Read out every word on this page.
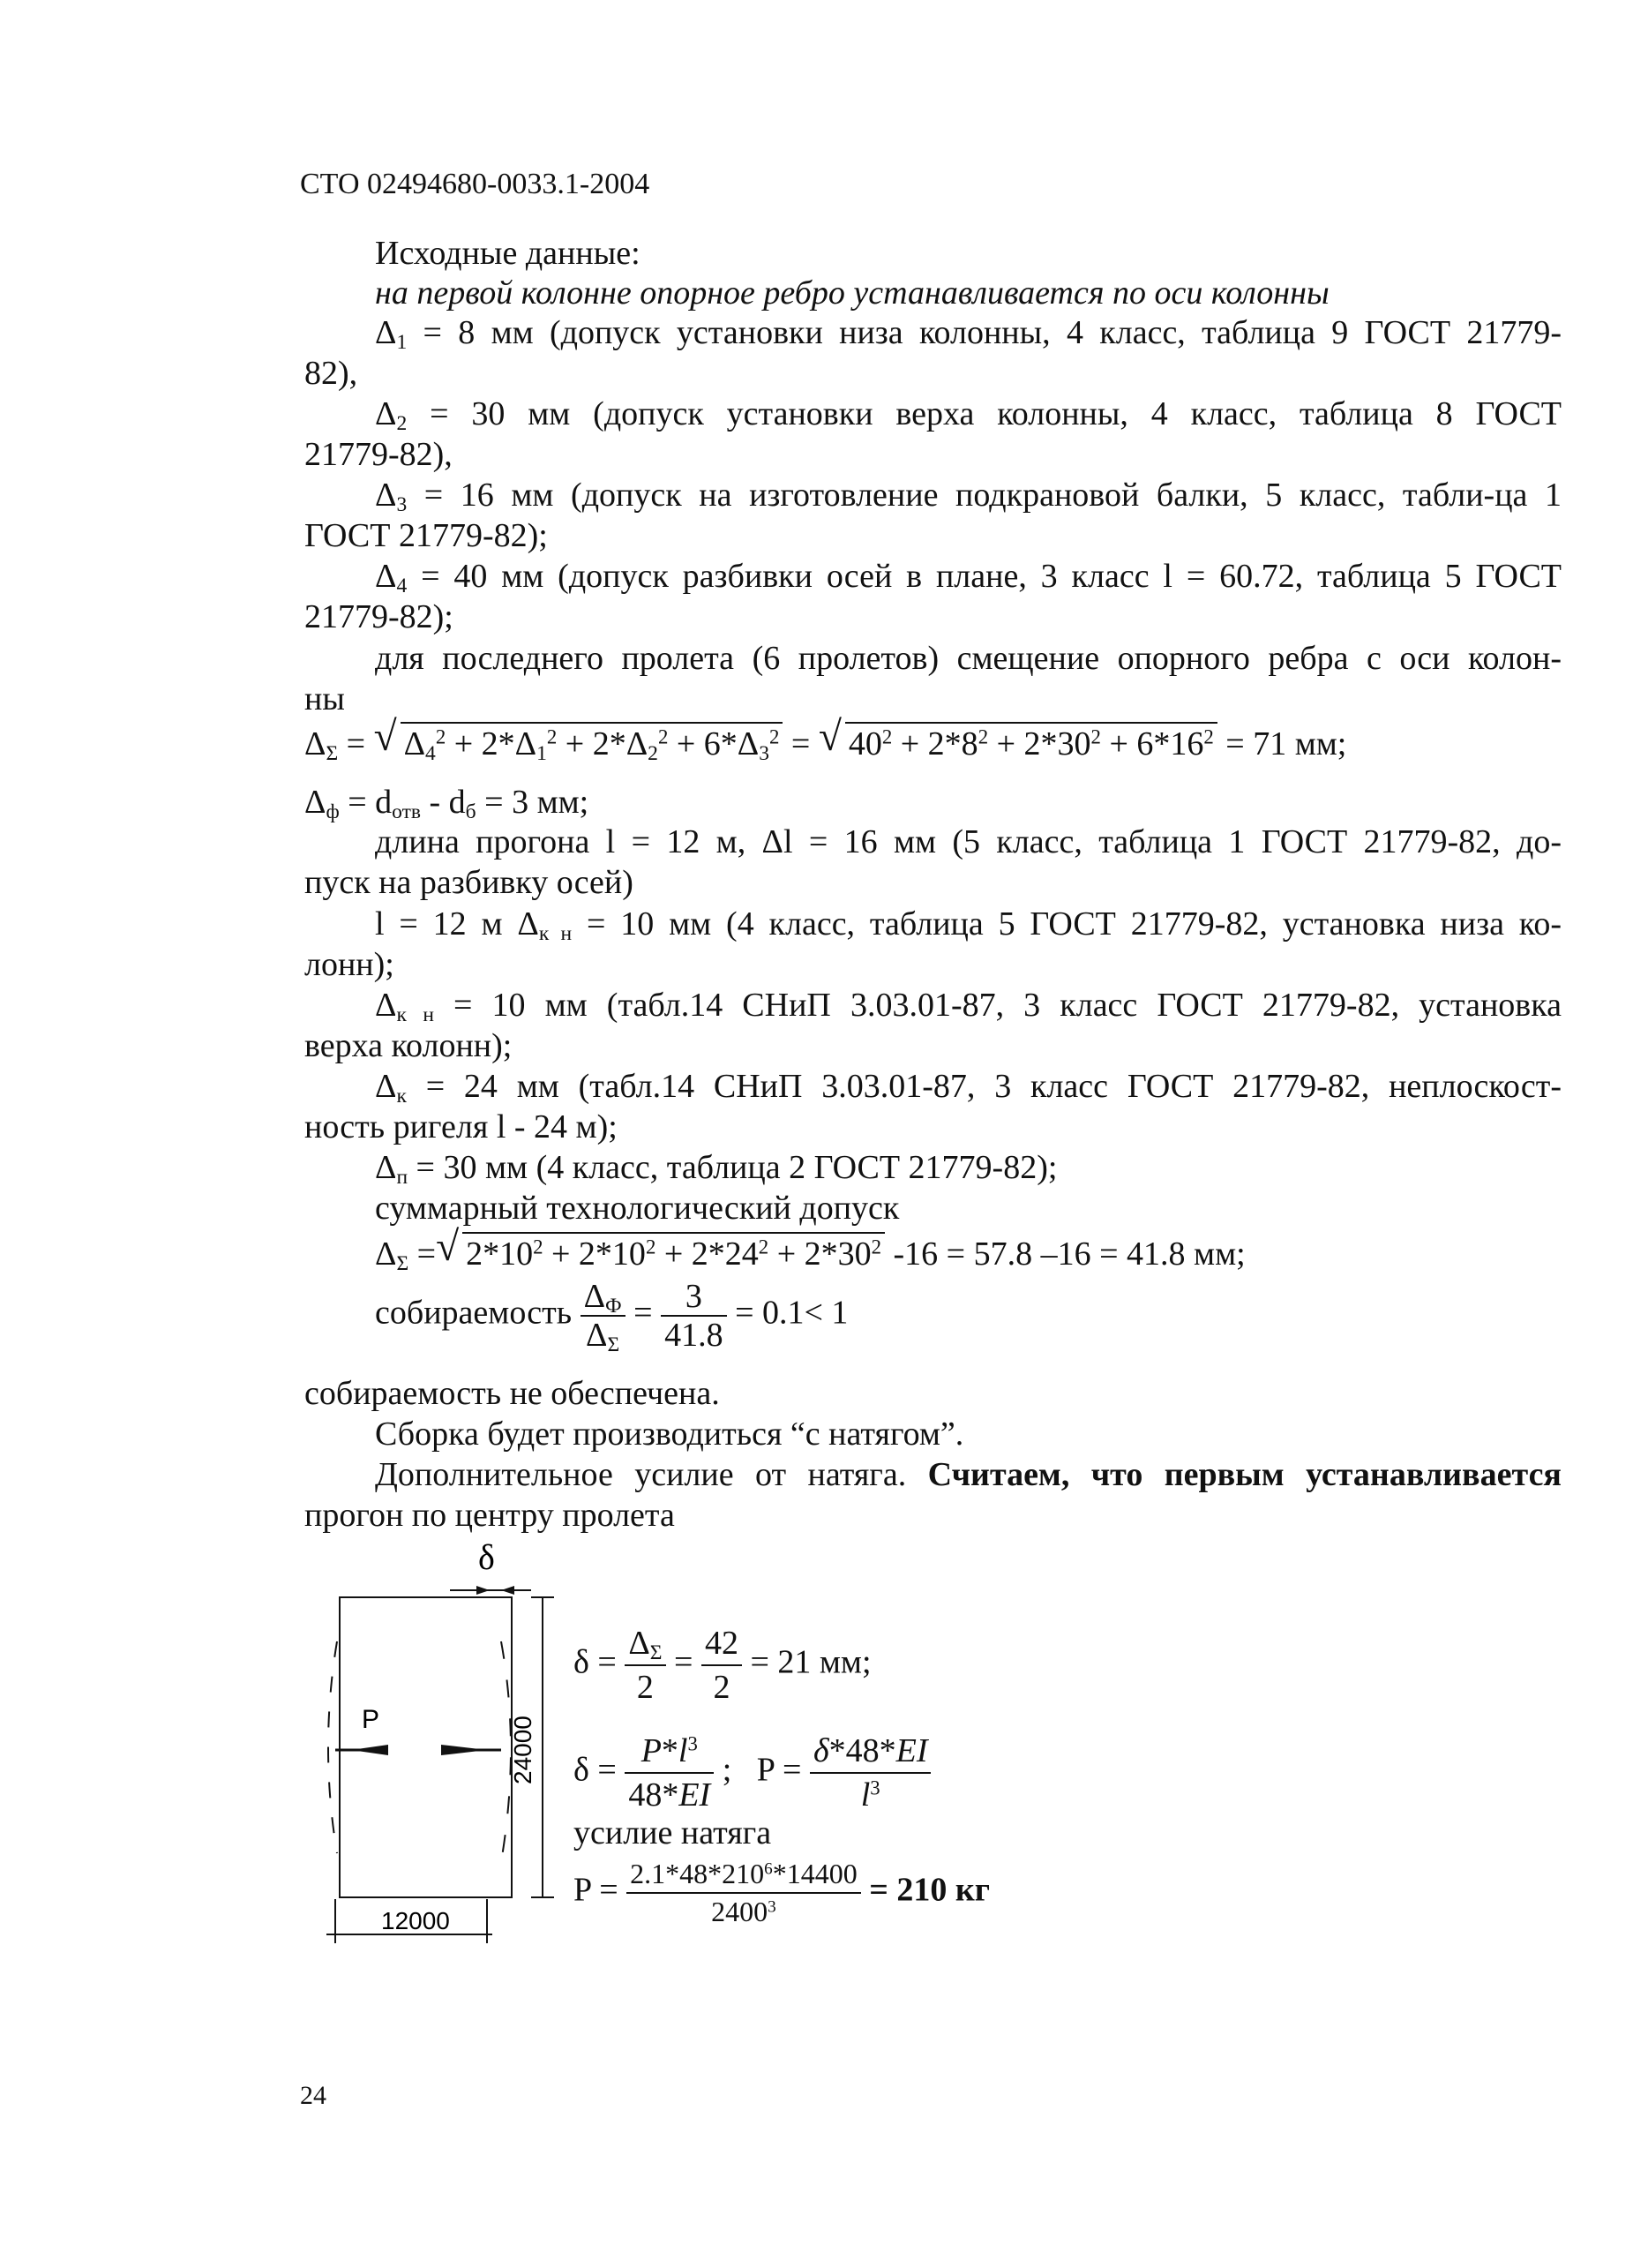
СТО 02494680-0033.1-2004
Исходные данные:
на первой колонне опорное ребро устанавливается по оси колонны
$\Delta_1 = 8$ мм (допуск установки низа колонны, 4 класс, таблица 9 ГОСТ 21779-
82),
$\Delta_2 = 30$ мм (допуск установки верха колонны, 4 класс, таблица 8 ГОСТ
21779-82),
$\Delta_3 = 16$ мм (допуск на изготовление подкрановой балки, 5 класс, табли-ца 1
ГОСТ 21779-82);
$\Delta_4 = 40$ мм (допуск разбивки осей в плане, 3 класс l = 60.72, таблица 5 ГОСТ
21779-82);
для последнего пролета (6 пролетов) смещение опорного ребра с оси колон-
ны
$\Delta_\Sigma$ = √ $\Delta_4^2 + 2*\Delta_1^2 + 2*\Delta_2^2 + 6*\Delta_3^2$ = √ $40^2 + 2*8^2 + 2*30^2 + 6*16^2 = 71$ мм;
$\Delta_ф = d_{отв} - d_б = 3$ мм;
длина прогона l = 12 м, Δl = 16 мм (5 класс, таблица 1 ГОСТ 21779-82, до-
пуск на разбивку осей)
l = 12 м $\Delta_{к н} = 10$ мм (4 класс, таблица 5 ГОСТ 21779-82, установка низа ко-
лонн);
$\Delta_{к н} = 10$ мм (табл.14 СНиП 3.03.01-87, 3 класс ГОСТ 21779-82, установка
верха колонн);
$\Delta_к = 24$ мм (табл.14 СНиП 3.03.01-87, 3 класс ГОСТ 21779-82, неплоскост-
ность ригеля l - 24 м);
$\Delta_п = 30$ мм (4 класс, таблица 2 ГОСТ 21779-82);
суммарный технологический допуск
$\Delta_\Sigma$ = √ $2*10^2 + 2*10^2 + 2*24^2 + 2*30^2$ -16 = 57.8 –16 = 41.8 мм;
собираемость $\frac{\Delta_Ф}{\Delta_\Sigma} = \frac{3}{41.8} = 0.1< 1$
собираемость не обеспечена.
Сборка будет производиться “с натягом”.
Дополнительное усилие от натяга. Считаем, что первым устанавливается
прогон по центру пролета
δ
P	24000
12000
$\delta = \frac{\Delta_\Sigma}{2} = \frac{42}{2} = 21$ мм;
$\delta = \frac{P*l^3}{48*EI}$ ;   $P = \frac{\delta*48*EI}{l^3}$
усилие натяга
$P = \frac{2.1*48*210^6*14400}{2400^3} = 210$ кг
24
